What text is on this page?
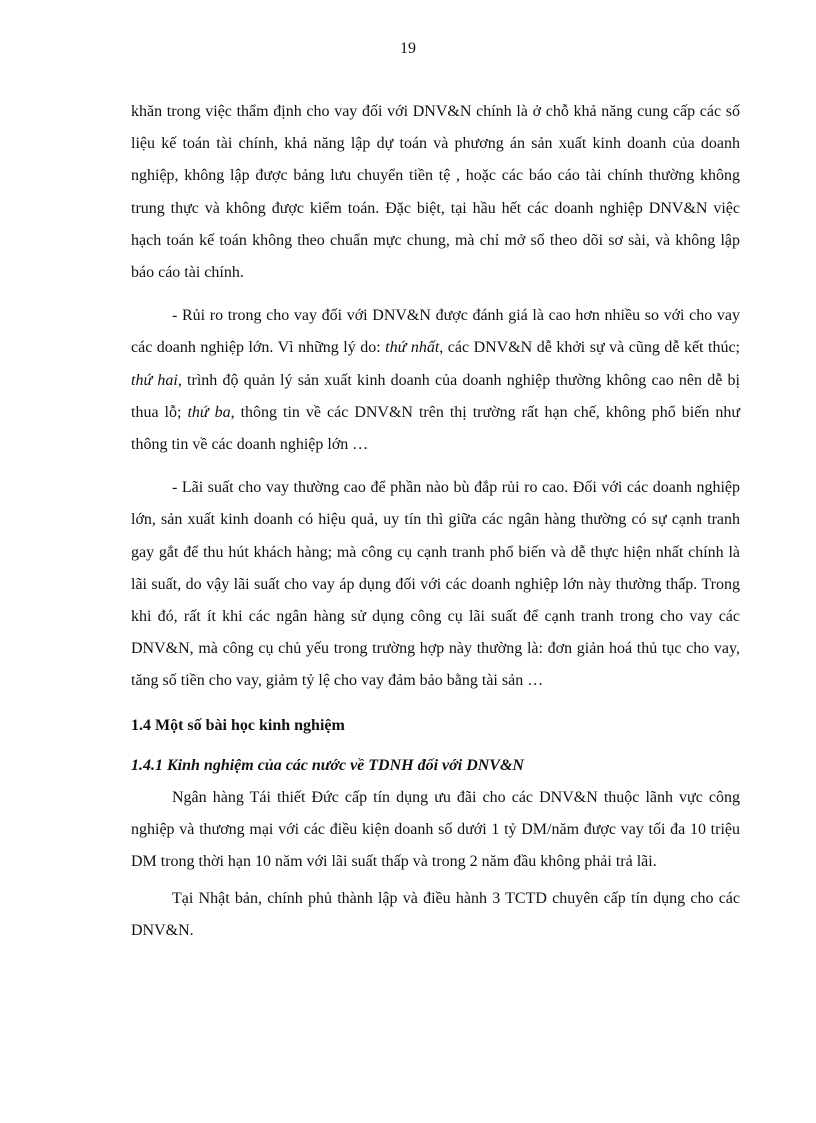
19

khăn trong việc thẩm định cho vay đối với DNV&N chính là ở chỗ khả năng cung cấp các số liệu kế toán tài chính, khả năng lập dự toán và phương án sản xuất kinh doanh của doanh nghiệp, không lập được bảng lưu chuyển tiền tệ , hoặc các báo cáo tài chính thường không trung thực và không được kiểm toán. Đặc biệt, tại hầu hết các doanh nghiệp DNV&N việc hạch toán kế toán không theo chuẩn mực chung, mà chỉ mở sổ theo dõi sơ sài, và không lập báo cáo tài chính.

- Rủi ro trong cho vay đối với DNV&N được đánh giá là cao hơn nhiều so với cho vay các doanh nghiệp lớn. Vì những lý do: thứ nhất, các DNV&N dễ khởi sự và cũng dễ kết thúc; thứ hai, trình độ quản lý sản xuất kinh doanh của doanh nghiệp thường không cao nên dễ bị thua lỗ; thứ ba, thông tin về các DNV&N trên thị trường rất hạn chế, không phổ biến như thông tin về các doanh nghiệp lớn …

- Lãi suất cho vay thường cao để phần nào bù đắp rủi ro cao. Đối với các doanh nghiệp lớn, sản xuất kinh doanh có hiệu quả, uy tín thì giữa các ngân hàng thường có sự cạnh tranh gay gắt để thu hút khách hàng; mà công cụ cạnh tranh phổ biến và dễ thực hiện nhất chính là lãi suất, do vậy lãi suất cho vay áp dụng đối với các doanh nghiệp lớn này thường thấp. Trong khi đó, rất ít khi các ngân hàng sử dụng công cụ lãi suất để cạnh tranh trong cho vay các DNV&N, mà công cụ chủ yếu trong trường hợp này thường là: đơn giản hoá thủ tục cho vay, tăng số tiền cho vay, giảm tỷ lệ cho vay đảm bảo bằng tài sản …

1.4 Một số bài học kinh nghiệm

1.4.1 Kinh nghiệm của các nước về TDNH đối với DNV&N

Ngân hàng Tái thiết Đức cấp tín dụng ưu đãi cho các DNV&N thuộc lãnh vực công nghiệp và thương mại với các điều kiện doanh số dưới 1 tỷ DM/năm được vay tối đa 10 triệu DM trong thời hạn 10 năm với lãi suất thấp và trong 2 năm đầu không phải trả lãi.

Tại Nhật bản, chính phủ thành lập và điều hành 3 TCTD chuyên cấp tín dụng cho các DNV&N.
